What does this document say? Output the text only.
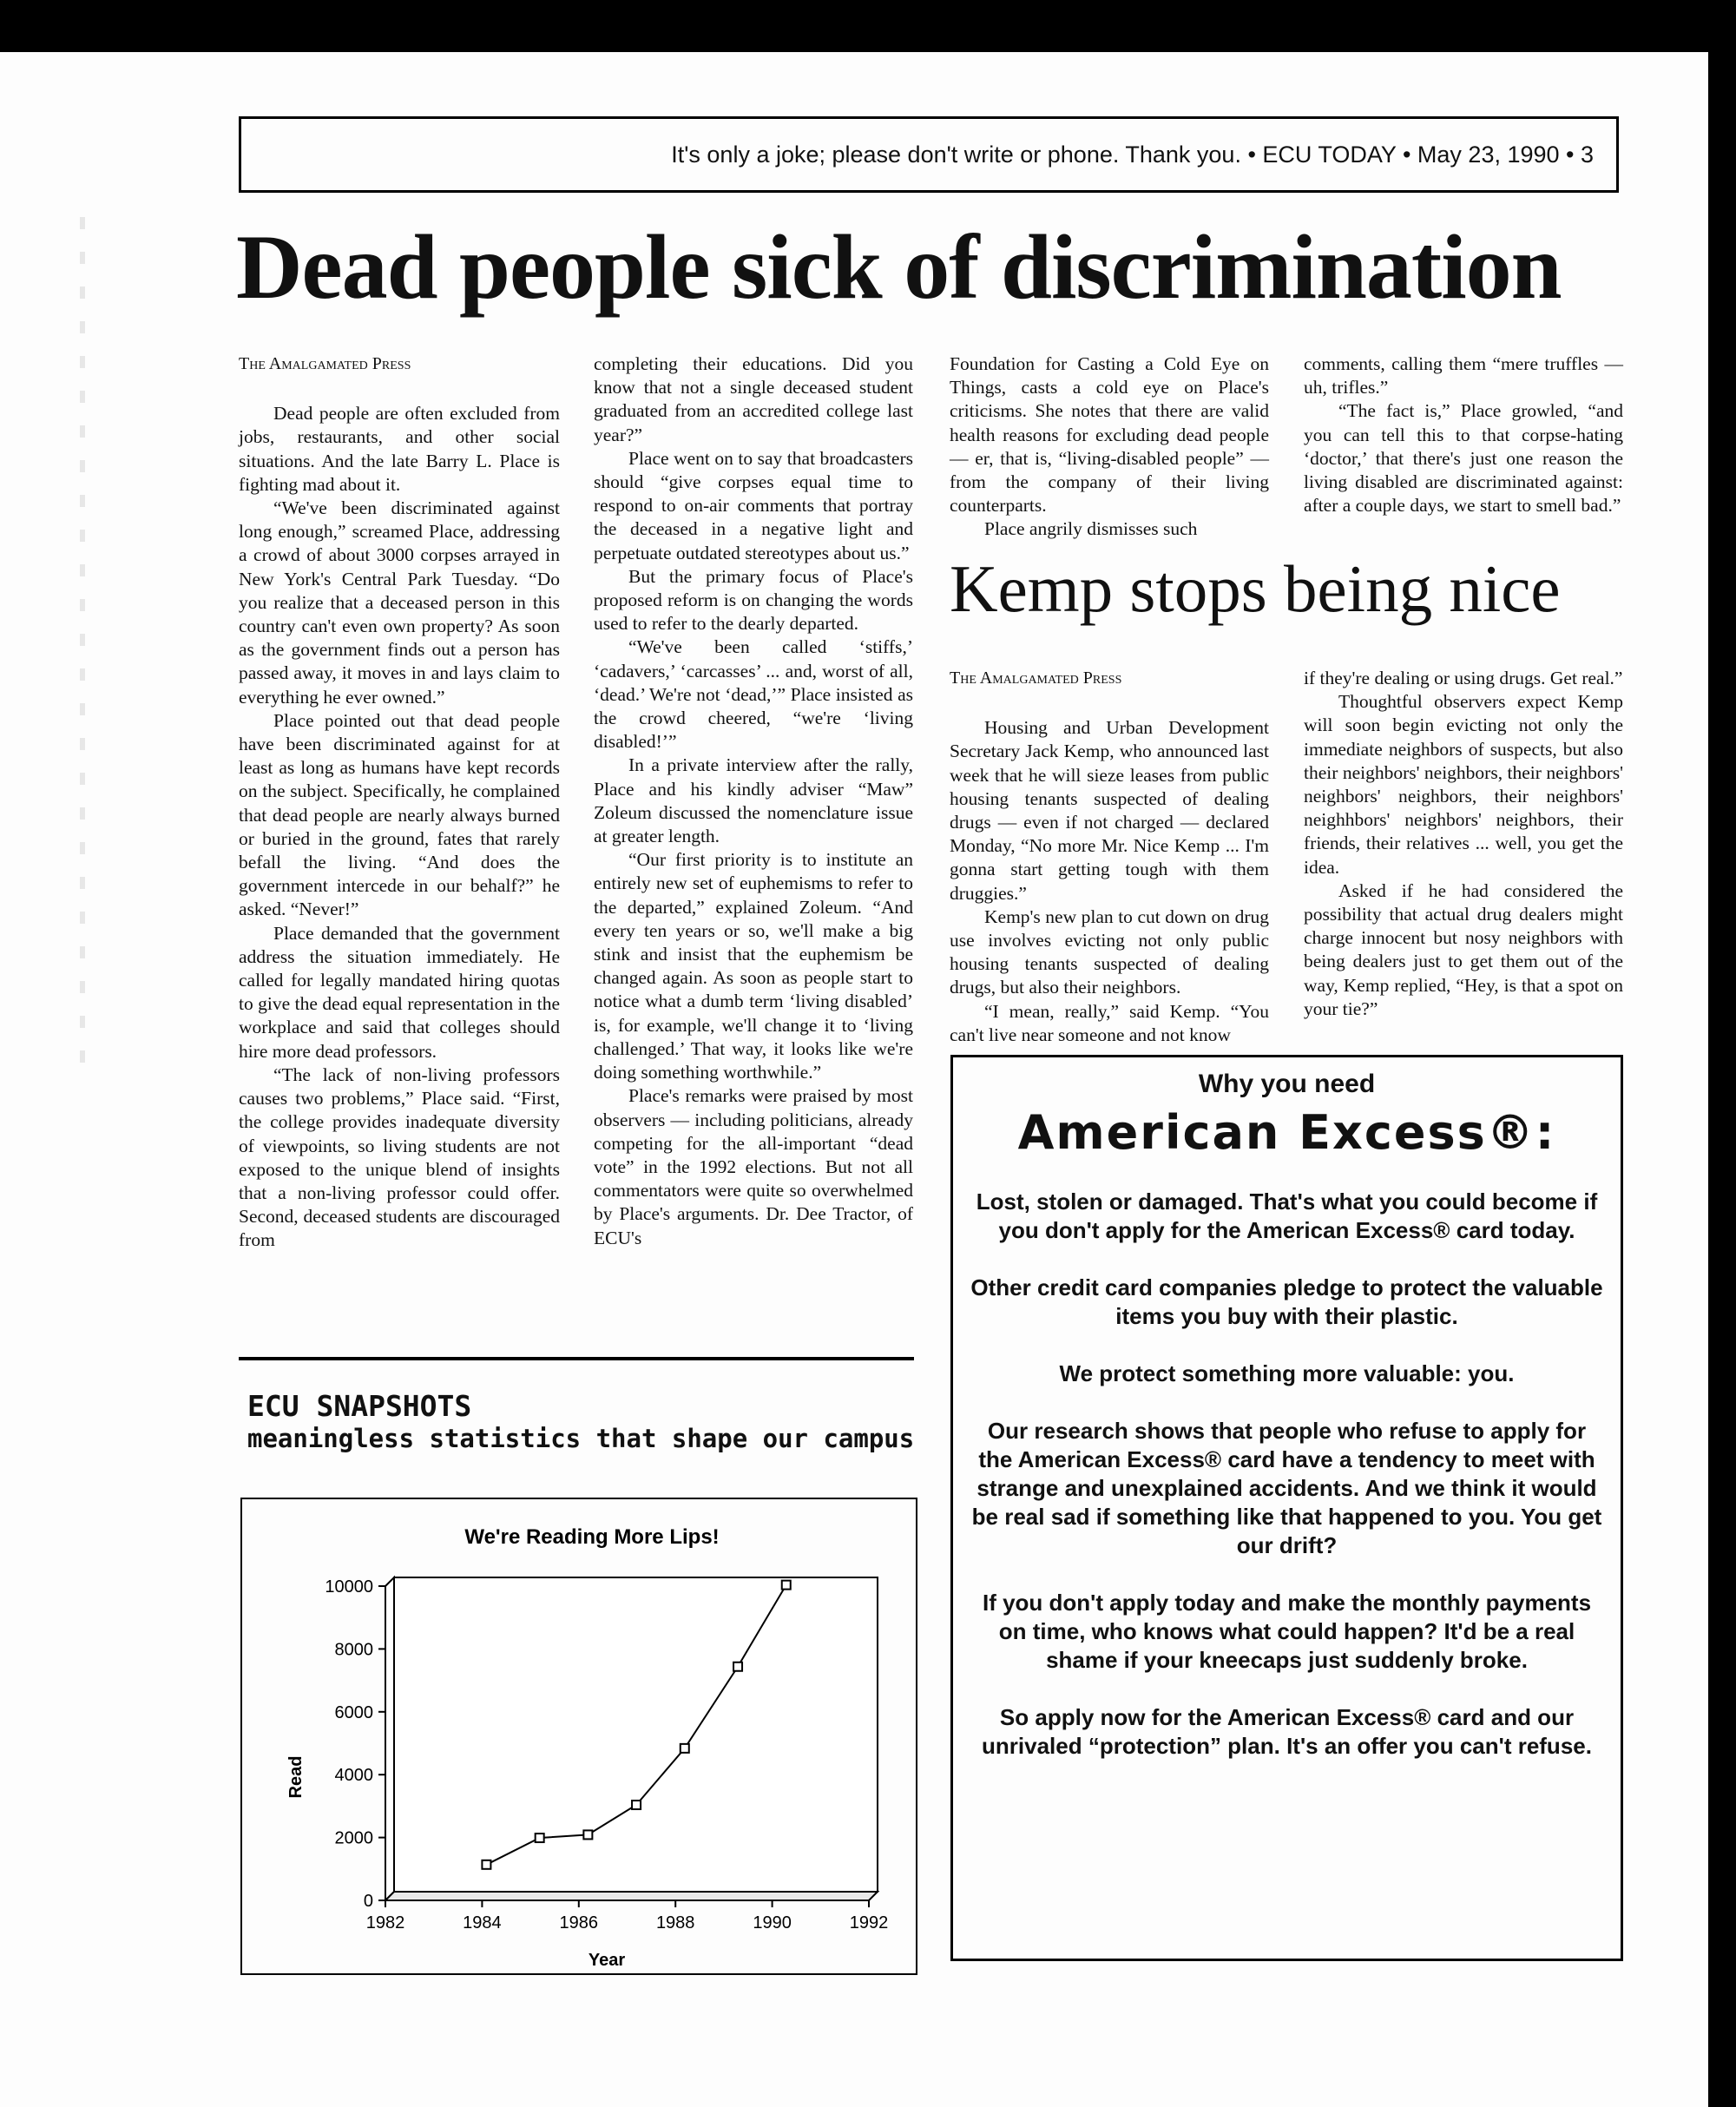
It's only a joke; please don't write or phone. Thank you. • ECU TODAY • May 23, 1990 • 3
Dead people sick of discrimination

The Amalgamated Press

Dead people are often excluded from jobs, restaurants, and other social situations. And the late Barry L. Place is fighting mad about it.

“We've been discriminated against long enough,” screamed Place, addressing a crowd of about 3000 corpses arrayed in New York's Central Park Tuesday. “Do you realize that a deceased person in this country can't even own property? As soon as the government finds out a person has passed away, it moves in and lays claim to everything he ever owned.”

Place pointed out that dead people have been discriminated against for at least as long as humans have kept records on the subject. Specifically, he complained that dead people are nearly always burned or buried in the ground, fates that rarely befall the living. “And does the government intercede in our behalf?” he asked. “Never!”

Place demanded that the government address the situation immediately. He called for legally mandated hiring quotas to give the dead equal representation in the workplace and said that colleges should hire more dead professors.

“The lack of non-living professors causes two problems,” Place said. “First, the college provides inadequate diversity of viewpoints, so living students are not exposed to the unique blend of insights that a non-living professor could offer. Second, deceased students are discouraged from

completing their educations. Did you know that not a single deceased student graduated from an accredited college last year?”

Place went on to say that broadcasters should “give corpses equal time to respond to on-air comments that portray the deceased in a negative light and perpetuate outdated stereotypes about us.”

But the primary focus of Place's proposed reform is on changing the words used to refer to the dearly departed.

“We've been called ‘stiffs,’ ‘cadavers,’ ‘carcasses’ ... and, worst of all, ‘dead.’ We're not ‘dead,’” Place insisted as the crowd cheered, “we're ‘living disabled!’”

In a private interview after the rally, Place and his kindly adviser “Maw” Zoleum discussed the nomenclature issue at greater length.

“Our first priority is to institute an entirely new set of euphemisms to refer to the departed,” explained Zoleum. “And every ten years or so, we'll make a big stink and insist that the euphemism be changed again. As soon as people start to notice what a dumb term ‘living disabled’ is, for example, we'll change it to ‘living challenged.’ That way, it looks like we're doing something worthwhile.”

Place's remarks were praised by most observers — including politicians, already competing for the all-important “dead vote” in the 1992 elections. But not all commentators were quite so overwhelmed by Place's arguments. Dr. Dee Tractor, of ECU's

Foundation for Casting a Cold Eye on Things, casts a cold eye on Place's criticisms. She notes that there are valid health reasons for excluding dead people — er, that is, “living-disabled people” — from the company of their living counterparts.

Place angrily dismisses such

comments, calling them “mere truffles — uh, trifles.”

“The fact is,” Place growled, “and you can tell this to that corpse-hating ‘doctor,’ that there's just one reason the living disabled are discriminated against: after a couple days, we start to smell bad.”

Kemp stops being nice

The Amalgamated Press

Housing and Urban Development Secretary Jack Kemp, who announced last week that he will sieze leases from public housing tenants suspected of dealing drugs — even if not charged — declared Monday, “No more Mr. Nice Kemp ... I'm gonna start getting tough with them druggies.”

Kemp's new plan to cut down on drug use involves evicting not only public housing tenants suspected of dealing drugs, but also their neighbors.

“I mean, really,” said Kemp. “You can't live near someone and not know

if they're dealing or using drugs. Get real.”

Thoughtful observers expect Kemp will soon begin evicting not only the immediate neighbors of suspects, but also their neighbors' neighbors, their neighbors' neighbors' neighbors, their neighbors' neighhbors' neighbors' neighbors, their friends, their relatives ... well, you get the idea.

Asked if he had considered the possibility that actual drug dealers might charge innocent but nosy neighbors with being dealers just to get them out of the way, Kemp replied, “Hey, is that a spot on your tie?”

ECU SNAPSHOTS
meaningless statistics that shape our campus
We're Reading More Lips!
Read
Year
0
2000
4000
6000
8000
10000
1982	1984	1986	1988	1990	1992
Why you need
American Excess®:

Lost, stolen or damaged. That's what you could become if you don't apply for the American Excess® card today.

Other credit card companies pledge to protect the valuable items you buy with their plastic.

We protect something more valuable: you.

Our research shows that people who refuse to apply for the American Excess® card have a tendency to meet with strange and unexplained accidents. And we think it would be real sad if something like that happened to you. You get our drift?

If you don't apply today and make the monthly payments on time, who knows what could happen? It'd be a real shame if your kneecaps just suddenly broke.

So apply now for the American Excess® card and our unrivaled “protection” plan. It's an offer you can't refuse.
